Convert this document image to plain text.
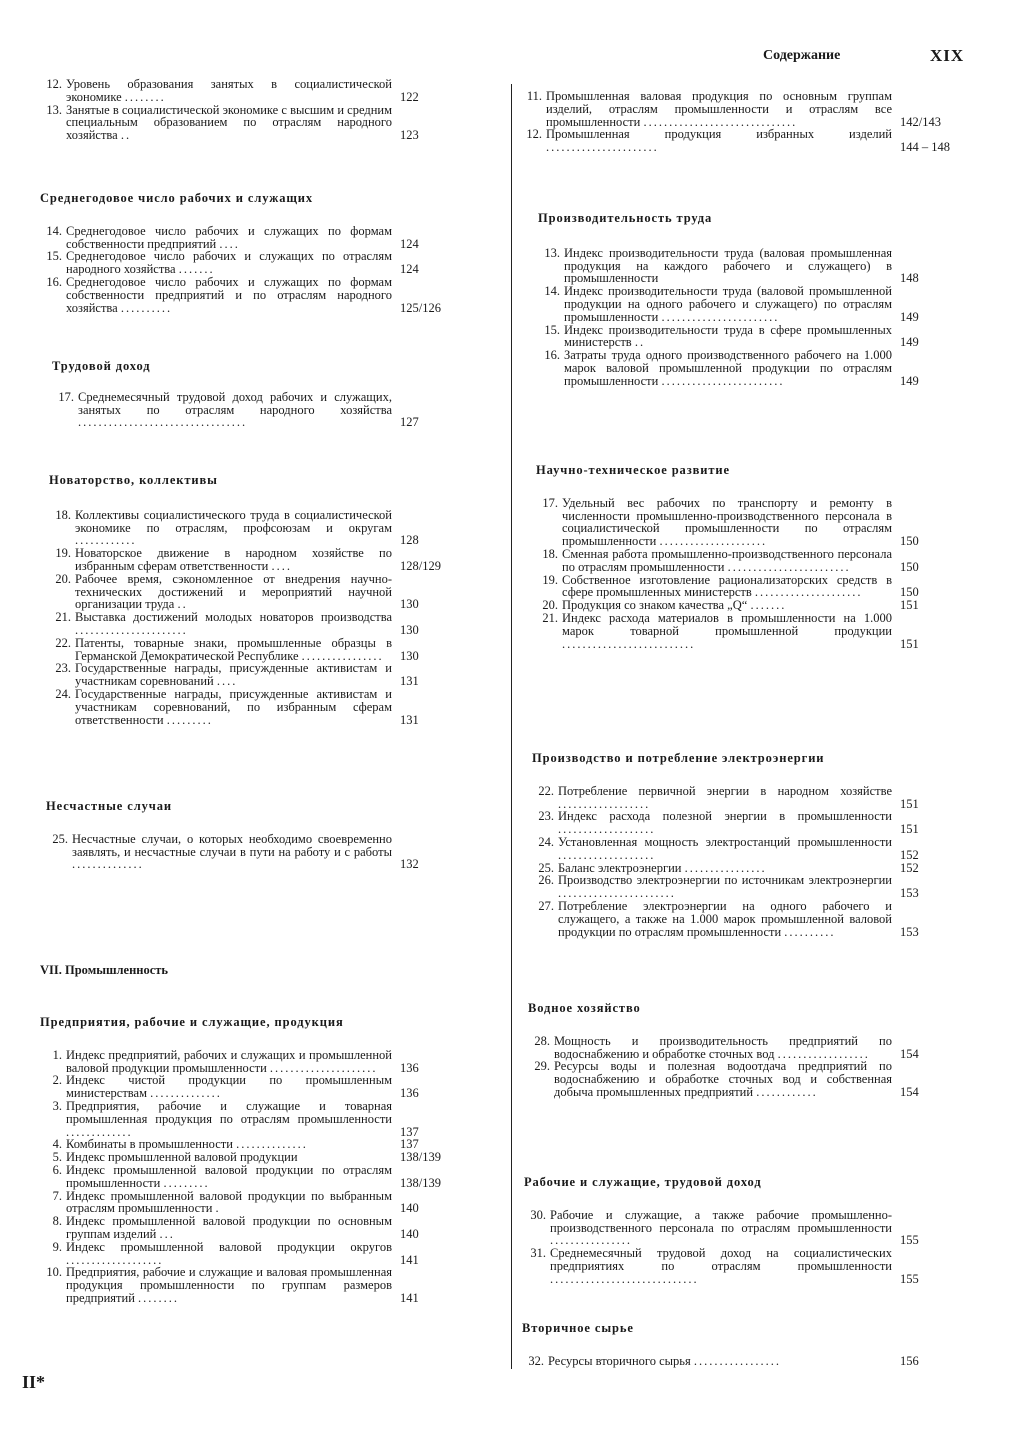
Содержание	XIX
12. Уровень образования занятых в социалистической экономике ........	122
13. Занятые в социалистической экономике с высшим и средним специальным образованием по отраслям народного хозяйства ..	123
Среднегодовое число рабочих и служащих
14. Среднегодовое число рабочих и служащих по формам собственности предприятий ....	124
15. Среднегодовое число рабочих и служащих по отраслям народного хозяйства .......	124
16. Среднегодовое число рабочих и служащих по формам собственности предприятий и по отраслям народного хозяйства ..........	125/126
Трудовой доход
17. Среднемесячный трудовой доход рабочих и служащих, занятых по отраслям народного хозяйства .................................	127
Новаторство, коллективы
18. Коллективы социалистического труда в социалистической экономике по отраслям, профсоюзам и округам ............	128
19. Новаторское движение в народном хозяйстве по избранным сферам ответственности ....	128/129
20. Рабочее время, сэкономленное от внедрения научно-технических достижений и мероприятий научной организации труда ..	130
21. Выставка достижений молодых новаторов производства ......................	130
22. Патенты, товарные знаки, промышленные образцы в Германской Демократической Республике ................	130
23. Государственные награды, присужденные активистам и участникам соревнований ....	131
24. Государственные награды, присужденные активистам и участникам соревнований, по избранным сферам ответственности .........	131
Несчастные случаи
25. Несчастные случаи, о которых необходимо своевременно заявлять, и несчастные случаи в пути на работу и с работы ..............	132
VII. Промышленность
Предприятия, рабочие и служащие, продукция
1. Индекс предприятий, рабочих и служащих и промышленной валовой продукции промышленности .....................	136
2. Индекс чистой продукции по промышленным министерствам ..............	136
3. Предприятия, рабочие и служащие и товарная промышленная продукция по отраслям промышленности .............	137
4. Комбинаты в промышленности ..............	137
5. Индекс промышленной валовой продукции	138/139
6. Индекс промышленной валовой продукции по отраслям промышленности .........	138/139
7. Индекс промышленной валовой продукции по выбранным отраслям промышленности .	140
8. Индекс промышленной валовой продукции по основным группам изделий ...	140
9. Индекс промышленной валовой продукции округов ...................	141
10. Предприятия, рабочие и служащие и валовая промышленная продукция промышленности по группам размеров предприятий ........	141
11. Промышленная валовая продукция по основным группам изделий, отраслям промышленности и отраслям все промышленности ..............................	142/143
12. Промышленная продукция избранных изделий ......................	144 – 148
Производительность труда
13. Индекс производительности труда (валовая промышленная продукция на каждого рабочего и служащего) в промышленности	148
14. Индекс производительности труда (валовой промышленной продукции на одного рабочего и служащего) по отраслям промышленности .......................	149
15. Индекс производительности труда в сфере промышленных министерств ..	149
16. Затраты труда одного производственного рабочего на 1.000 марок валовой промышленной продукции по отраслям промышленности ........................	149
Научно-техническое развитие
17. Удельный вес рабочих по транспорту и ремонту в численности промышленно-производственного персонала в социалистической промышленности по отраслям промышленности .....................	150
18. Сменная работа промышленно-производственного персонала по отраслям промышленности ........................	150
19. Собственное изготовление рационализаторских средств в сфере промышленных министерств .....................	150
20. Продукция со знаком качества „Q“ .......	151
21. Индекс расхода материалов в промышленности на 1.000 марок товарной промышленной продукции ..........................	151
Производство и потребление электроэнергии
22. Потребление первичной энергии в народном хозяйстве ..................	151
23. Индекс расхода полезной энергии в промышленности ...................	151
24. Установленная мощность электростанций промышленности ...................	152
25. Баланс электроэнергии ................	152
26. Производство электроэнергии по источникам электроэнергии .......................	153
27. Потребление электроэнергии на одного рабочего и служащего, а также на 1.000 марок промышленной валовой продукции по отраслям промышленности ..........	153
Водное хозяйство
28. Мощность и производительность предприятий по водоснабжению и обработке сточных вод ..................	154
29. Ресурсы воды и полезная водоотдача предприятий по водоснабжению и обработке сточных вод и собственная добыча промышленных предприятий ............	154
Рабочие и служащие, трудовой доход
30. Рабочие и служащие, а также рабочие промышленно-производственного персонала по отраслям промышленности ................	155
31. Среднемесячный трудовой доход на социалистических предприятиях по отраслям промышленности .............................	155
Вторичное сырье
32. Ресурсы вторичного сырья .................	156
II*
